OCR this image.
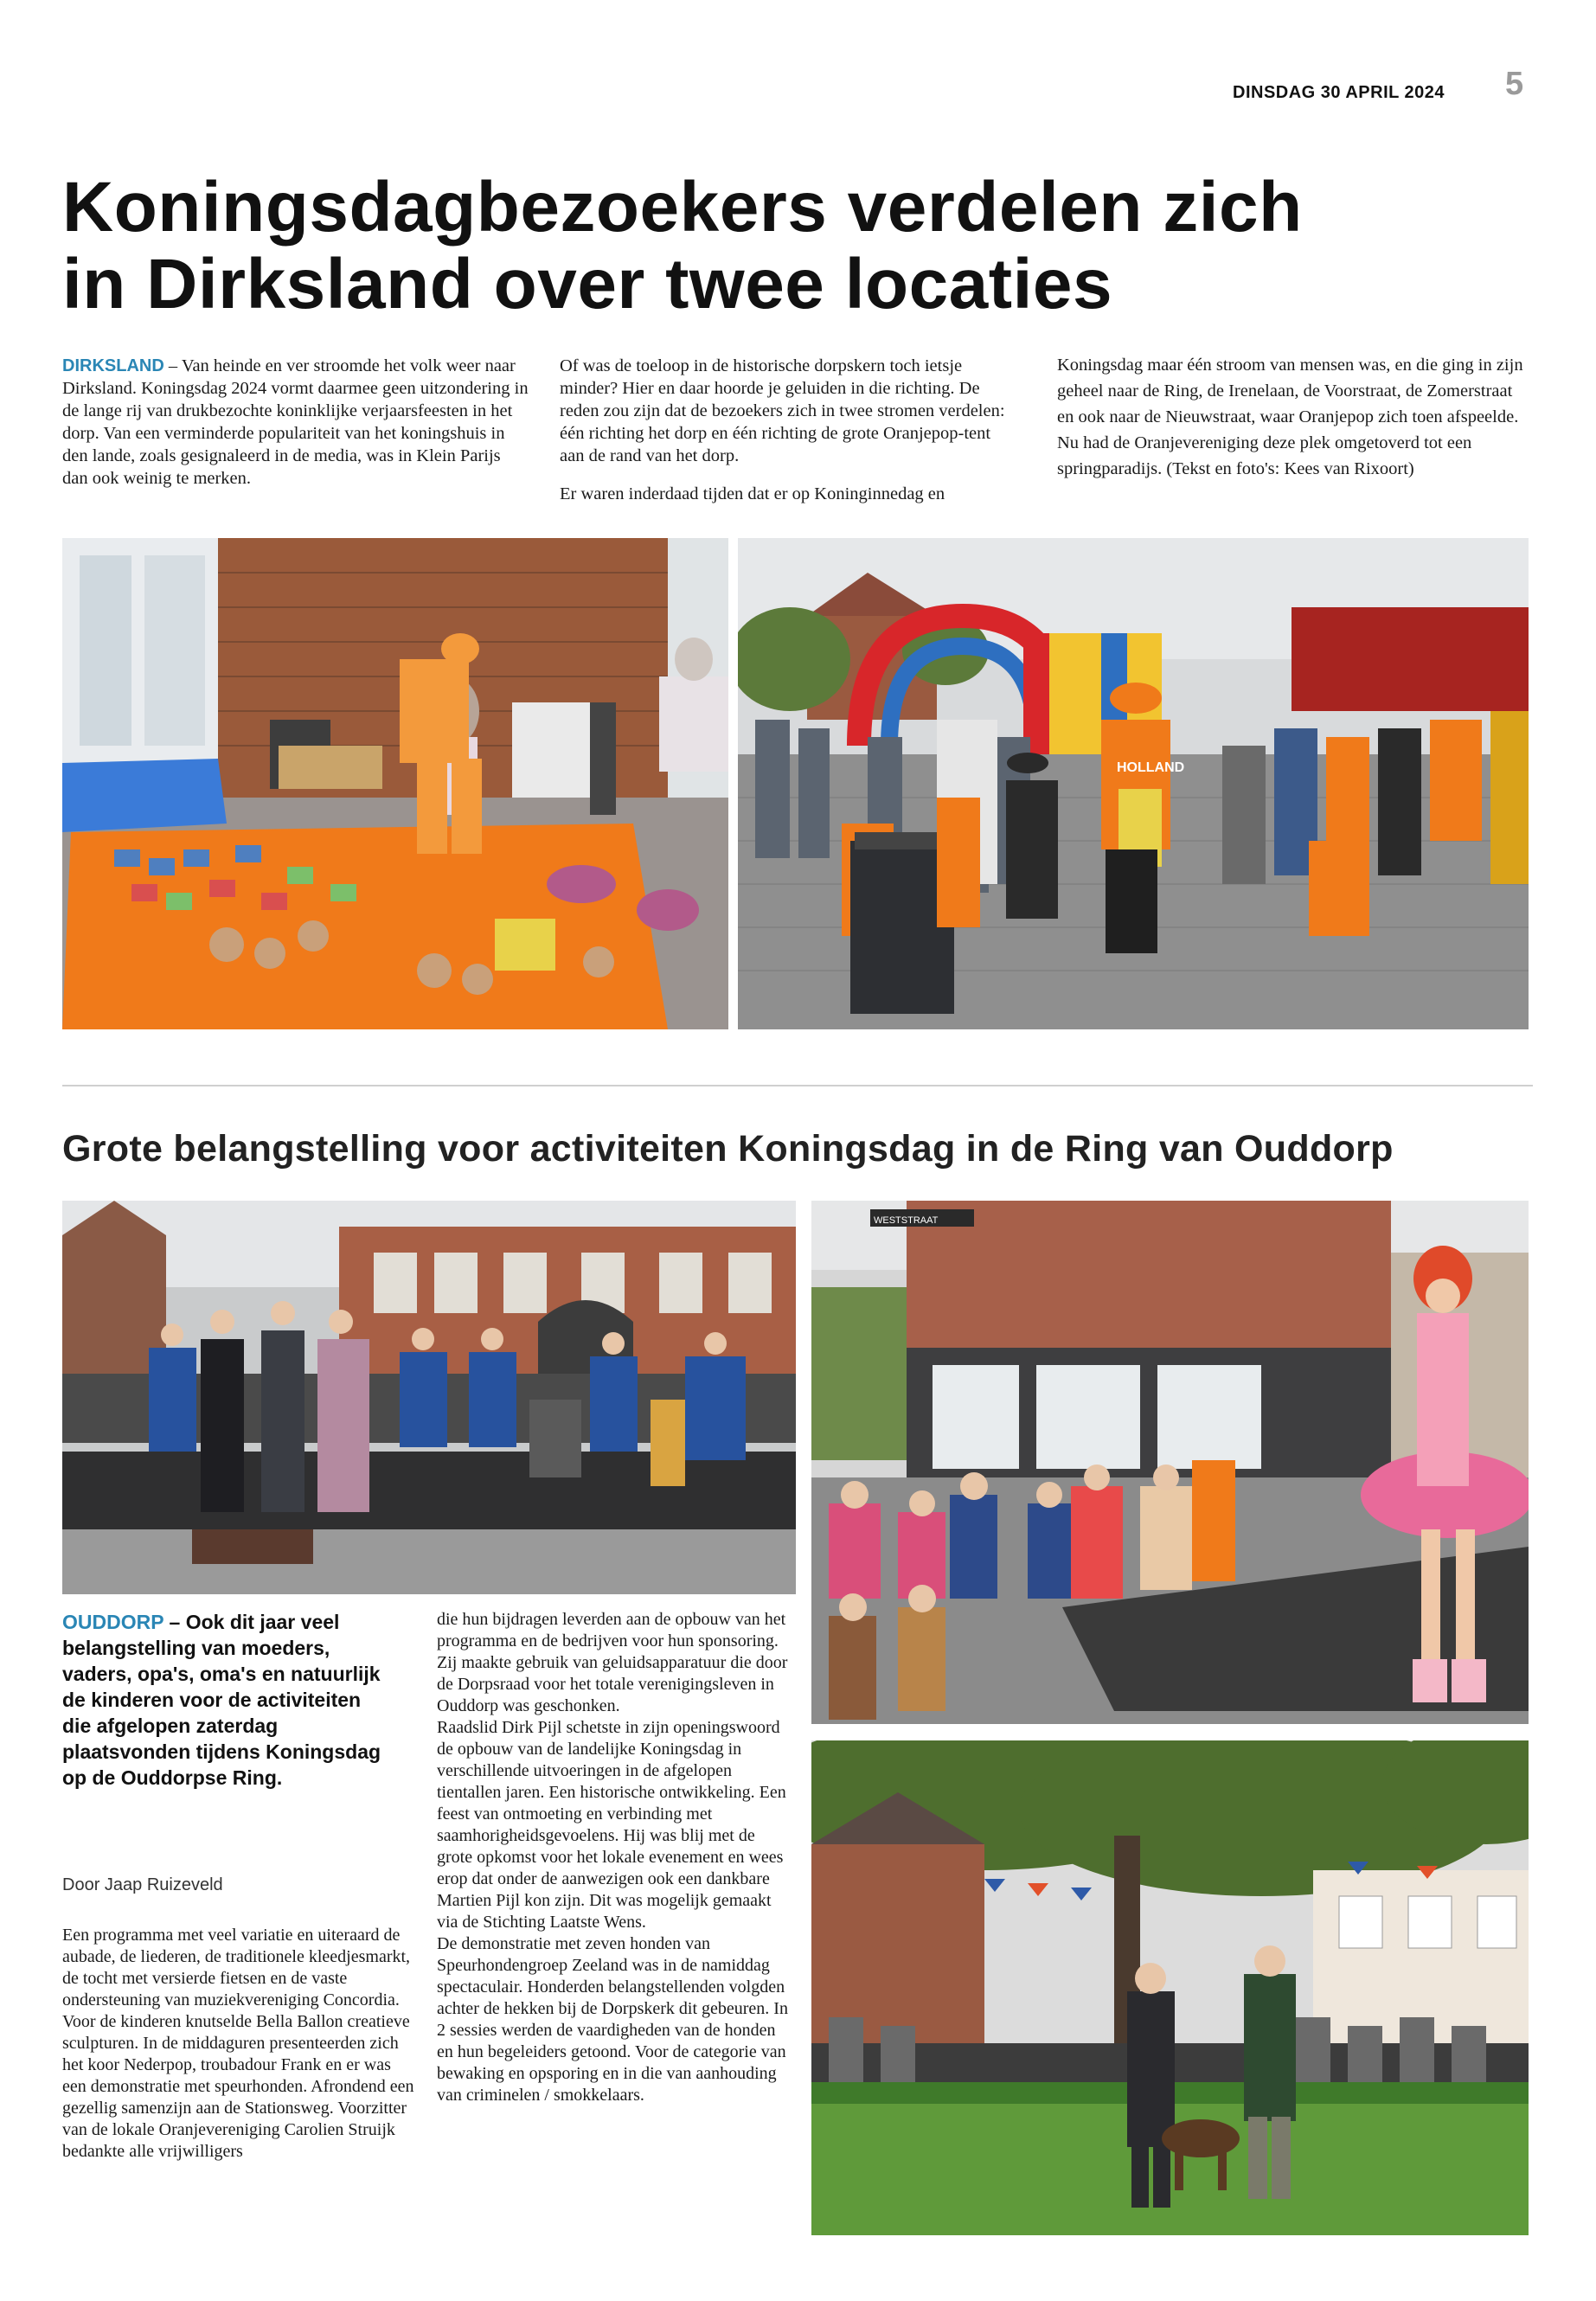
DINSDAG 30 APRIL 2024 5
Koningsdagbezoekers verdelen zich
in Dirksland over twee locaties

DIRKSLAND – Van heinde en ver stroomde het volk weer naar Dirksland. Koningsdag 2024 vormt daarmee geen uitzondering in de lange rij van drukbezochte koninklijke verjaarsfeesten in het dorp. Van een verminderde populariteit van het koningshuis in den lande, zoals gesignaleerd in de media, was in Klein Parijs dan ook weinig te merken.

Of was de toeloop in de historische dorpskern toch ietsje minder? Hier en daar hoorde je geluiden in die richting. De reden zou zijn dat de bezoekers zich in twee stromen verdelen: één richting het dorp en één richting de grote Oranjepop-tent aan de rand van het dorp.

Er waren inderdaad tijden dat er op Koninginnedag en

Koningsdag maar één stroom van mensen was, en die ging in zijn geheel naar de Ring, de Irenelaan, de Voorstraat, de Zomerstraat en ook naar de Nieuwstraat, waar Oranjepop zich toen afspeelde. Nu had de Oranjevereniging deze plek omgetoverd tot een springparadijs. (Tekst en foto's: Kees van Rixoort)

HOLLAND
Grote belangstelling voor activiteiten Koningsdag in de Ring van Ouddorp
WESTSTRAAT
OUDDORP – Ook dit jaar veel belangstelling van moeders, vaders, opa's, oma's en natuurlijk de kinderen voor de activiteiten die afgelopen zaterdag plaatsvonden tijdens Koningsdag op de Ouddorpse Ring.
Door Jaap Ruizeveld

Een programma met veel variatie en uiteraard de aubade, de liederen, de traditionele kleedjesmarkt, de tocht met versierde fietsen en de vaste ondersteuning van muziekvereniging Concordia. Voor de kinderen knutselde Bella Ballon creatieve sculpturen. In de middaguren presenteerden zich het koor Nederpop, troubadour Frank en er was een demonstratie met speurhonden. Afrondend een gezellig samenzijn aan de Stationsweg. Voorzitter van de lokale Oranjevereniging Carolien Struijk bedankte alle vrijwilligers

die hun bijdragen leverden aan de opbouw van het programma en de bedrijven voor hun sponsoring. Zij maakte gebruik van geluidsapparatuur die door de Dorpsraad voor het totale verenigingsleven in Ouddorp was geschonken.

Raadslid Dirk Pijl schetste in zijn openingswoord de opbouw van de landelijke Koningsdag in verschillende uitvoeringen in de afgelopen tientallen jaren. Een historische ontwikkeling. Een feest van ontmoeting en verbinding met saamhorigheidsgevoelens. Hij was blij met de grote opkomst voor het lokale evenement en wees erop dat onder de aanwezigen ook een dankbare Martien Pijl kon zijn. Dit was mogelijk gemaakt via de Stichting Laatste Wens.

De demonstratie met zeven honden van Speurhondengroep Zeeland was in de namiddag spectaculair. Honderden belangstellenden volgden achter de hekken bij de Dorpskerk dit gebeuren. In 2 sessies werden de vaardigheden van de honden en hun begeleiders getoond. Voor de categorie van bewaking en opsporing en in die van aanhouding van criminelen / smokkelaars.
